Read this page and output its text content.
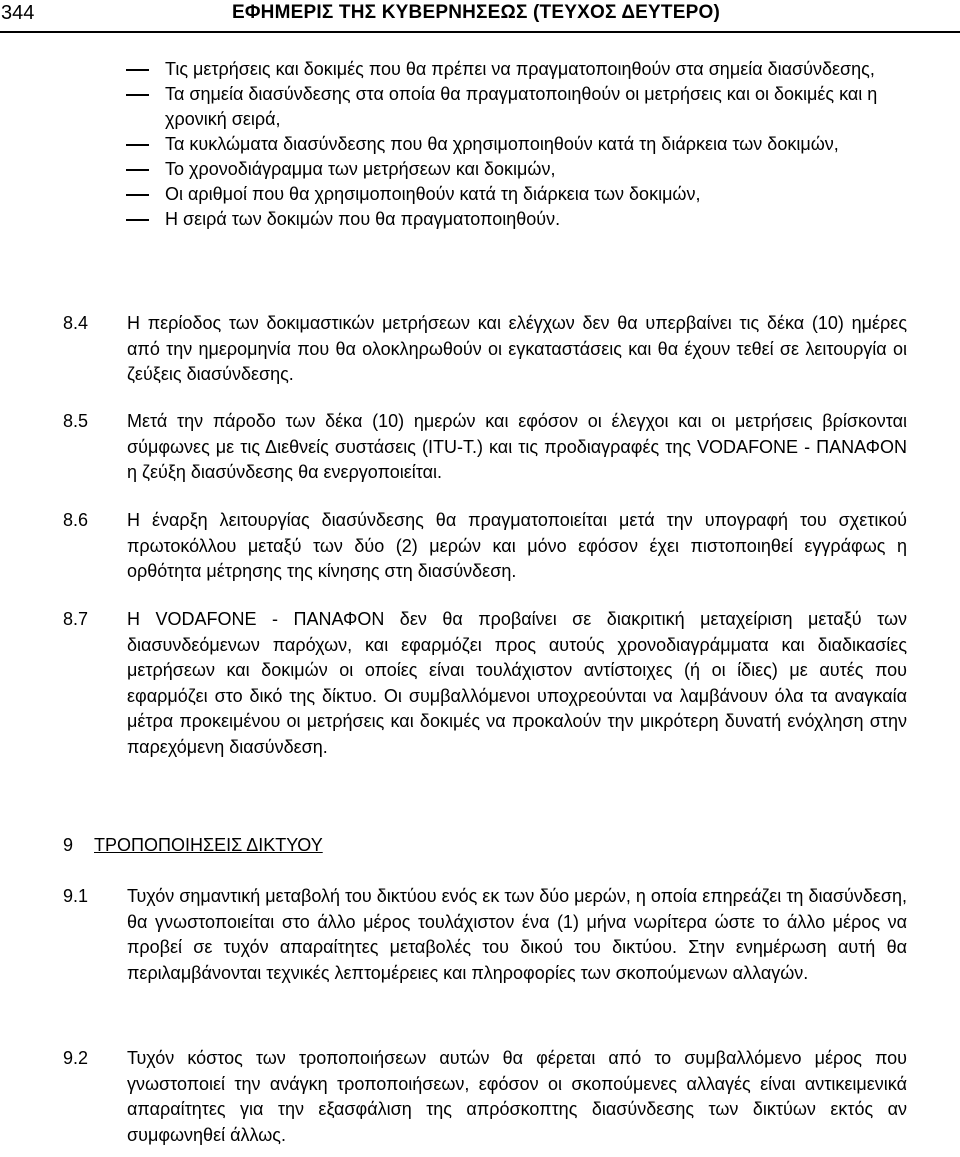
344	ΕΦΗΜΕΡΙΣ ΤΗΣ ΚΥΒΕΡΝΗΣΕΩΣ (ΤΕΥΧΟΣ ΔΕΥΤΕΡΟ)
Τις μετρήσεις και δοκιμές που θα πρέπει να πραγματοποιηθούν στα σημεία διασύνδεσης,
Τα σημεία διασύνδεσης στα οποία θα πραγματοποιηθούν οι μετρήσεις και οι δοκιμές και η χρονική σειρά,
Τα κυκλώματα διασύνδεσης που θα χρησιμοποιηθούν κατά τη διάρκεια των δοκιμών,
Το χρονοδιάγραμμα των μετρήσεων και δοκιμών,
Οι αριθμοί που θα χρησιμοποιηθούν κατά τη διάρκεια των δοκιμών,
Η σειρά των δοκιμών που θα πραγματοποιηθούν.
8.4 Η περίοδος των δοκιμαστικών μετρήσεων και ελέγχων δεν θα υπερβαίνει τις δέκα (10) ημέρες από την ημερομηνία που θα ολοκληρωθούν οι εγκαταστάσεις και θα έχουν τεθεί σε λειτουργία οι ζεύξεις διασύνδεσης.
8.5 Μετά την πάροδο των δέκα (10) ημερών και εφόσον οι έλεγχοι και οι μετρήσεις βρίσκονται σύμφωνες με τις Διεθνείς συστάσεις (ITU-T.) και τις προδιαγραφές της VODAFONE - ΠΑΝΑΦΟΝ η ζεύξη διασύνδεσης θα ενεργοποιείται.
8.6 Η έναρξη λειτουργίας διασύνδεσης θα πραγματοποιείται μετά την υπογραφή του σχετικού πρωτοκόλλου μεταξύ των δύο (2) μερών και μόνο εφόσον έχει πιστοποιηθεί εγγράφως η ορθότητα μέτρησης της κίνησης στη διασύνδεση.
8.7 Η VODAFONE - ΠΑΝΑΦΟΝ δεν θα προβαίνει σε διακριτική μεταχείριση μεταξύ των διασυνδεόμενων παρόχων, και εφαρμόζει προς αυτούς χρονοδιαγράμματα και διαδικασίες μετρήσεων και δοκιμών οι οποίες είναι τουλάχιστον αντίστοιχες (ή οι ίδιες) με αυτές που εφαρμόζει στο δικό της δίκτυο. Οι συμβαλλόμενοι υποχρεούνται να λαμβάνουν όλα τα αναγκαία μέτρα προκειμένου οι μετρήσεις και δοκιμές να προκαλούν την μικρότερη δυνατή ενόχληση στην παρεχόμενη διασύνδεση.
9 ΤΡΟΠΟΠΟΙΗΣΕΙΣ ΔΙΚΤΥΟΥ
9.1 Τυχόν σημαντική μεταβολή του δικτύου ενός εκ των δύο μερών, η οποία επηρεάζει τη διασύνδεση, θα γνωστοποιείται στο άλλο μέρος τουλάχιστον ένα (1) μήνα νωρίτερα ώστε το άλλο μέρος να προβεί σε τυχόν απαραίτητες μεταβολές του δικού του δικτύου. Στην ενημέρωση αυτή θα περιλαμβάνονται τεχνικές λεπτομέρειες και πληροφορίες των σκοπούμενων αλλαγών.
9.2 Τυχόν κόστος των τροποποιήσεων αυτών θα φέρεται από το συμβαλλόμενο μέρος που γνωστοποιεί την ανάγκη τροποποιήσεων, εφόσον οι σκοπούμενες αλλαγές είναι αντικειμενικά απαραίτητες για την εξασφάλιση της απρόσκοπτης διασύνδεσης των δικτύων εκτός αν συμφωνηθεί άλλως.
